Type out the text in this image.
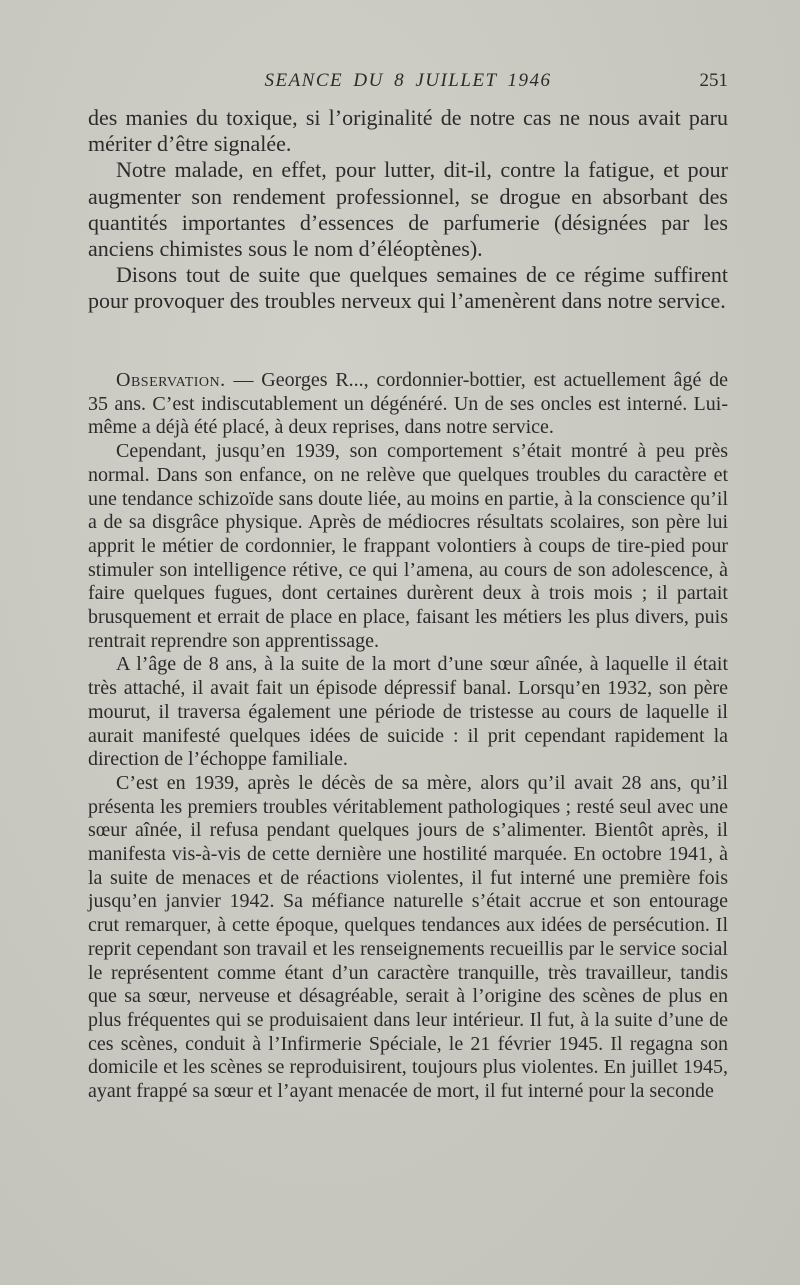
SEANCE DU 8 JUILLET 1946	251

des manies du toxique, si l’originalité de notre cas ne nous avait paru mériter d’être signalée.

Notre malade, en effet, pour lutter, dit-il, contre la fatigue, et pour augmenter son rendement professionnel, se drogue en absorbant des quantités importantes d’essences de parfumerie (désignées par les anciens chimistes sous le nom d’éléoptènes).

Disons tout de suite que quelques semaines de ce régime suffirent pour provoquer des troubles nerveux qui l’amenèrent dans notre service.

Observation. — Georges R..., cordonnier-bottier, est actuellement âgé de 35 ans. C’est indiscutablement un dégénéré. Un de ses oncles est interné. Lui-même a déjà été placé, à deux reprises, dans notre service.

Cependant, jusqu’en 1939, son comportement s’était montré à peu près normal. Dans son enfance, on ne relève que quelques troubles du caractère et une tendance schizoïde sans doute liée, au moins en partie, à la conscience qu’il a de sa disgrâce physique. Après de médiocres résultats scolaires, son père lui apprit le métier de cordonnier, le frappant volontiers à coups de tire-pied pour stimuler son intelligence rétive, ce qui l’amena, au cours de son adolescence, à faire quelques fugues, dont certaines durèrent deux à trois mois ; il partait brusquement et errait de place en place, faisant les métiers les plus divers, puis rentrait reprendre son apprentissage.

A l’âge de 8 ans, à la suite de la mort d’une sœur aînée, à laquelle il était très attaché, il avait fait un épisode dépressif banal. Lorsqu’en 1932, son père mourut, il traversa également une période de tristesse au cours de laquelle il aurait manifesté quelques idées de suicide : il prit cependant rapidement la direction de l’échoppe familiale.

C’est en 1939, après le décès de sa mère, alors qu’il avait 28 ans, qu’il présenta les premiers troubles véritablement pathologiques ; resté seul avec une sœur aînée, il refusa pendant quelques jours de s’alimenter. Bientôt après, il manifesta vis-à-vis de cette dernière une hostilité marquée. En octobre 1941, à la suite de menaces et de réactions violentes, il fut interné une première fois jusqu’en janvier 1942. Sa méfiance naturelle s’était accrue et son entourage crut remarquer, à cette époque, quelques tendances aux idées de persécution. Il reprit cependant son travail et les renseignements recueillis par le service social le représentent comme étant d’un caractère tranquille, très travailleur, tandis que sa sœur, nerveuse et désagréable, serait à l’origine des scènes de plus en plus fréquentes qui se produisaient dans leur intérieur. Il fut, à la suite d’une de ces scènes, conduit à l’Infirmerie Spéciale, le 21 février 1945. Il regagna son domicile et les scènes se reproduisirent, toujours plus violentes. En juillet 1945, ayant frappé sa sœur et l’ayant menacée de mort, il fut interné pour la seconde
